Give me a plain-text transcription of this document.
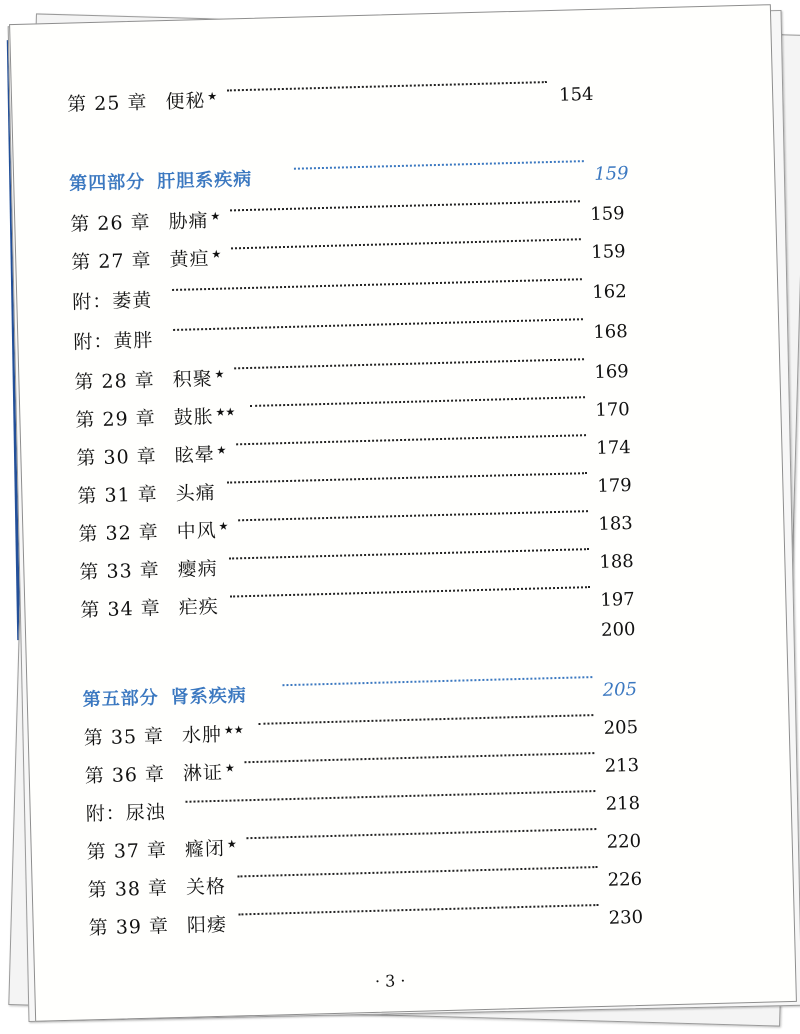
第 25 章 便秘★	154
第四部分 肝胆系疾病	159
第 26 章 胁痛★	159
第 27 章 黄疸★	159
附：萎黄	162
附：黄胖	168
第 28 章 积聚★	169
第 29 章 鼓胀★★	170
第 30 章 眩晕★	174
第 31 章 头痛	179
第 32 章 中风★	183
第 33 章 瘿病	188
第 34 章 疟疾	197
200
第五部分 肾系疾病	205
第 35 章 水肿★★	205
第 36 章 淋证★	213
附：尿浊	218
第 37 章 癃闭★	220
第 38 章 关格	226
第 39 章 阳痿	230
· 3 ·
